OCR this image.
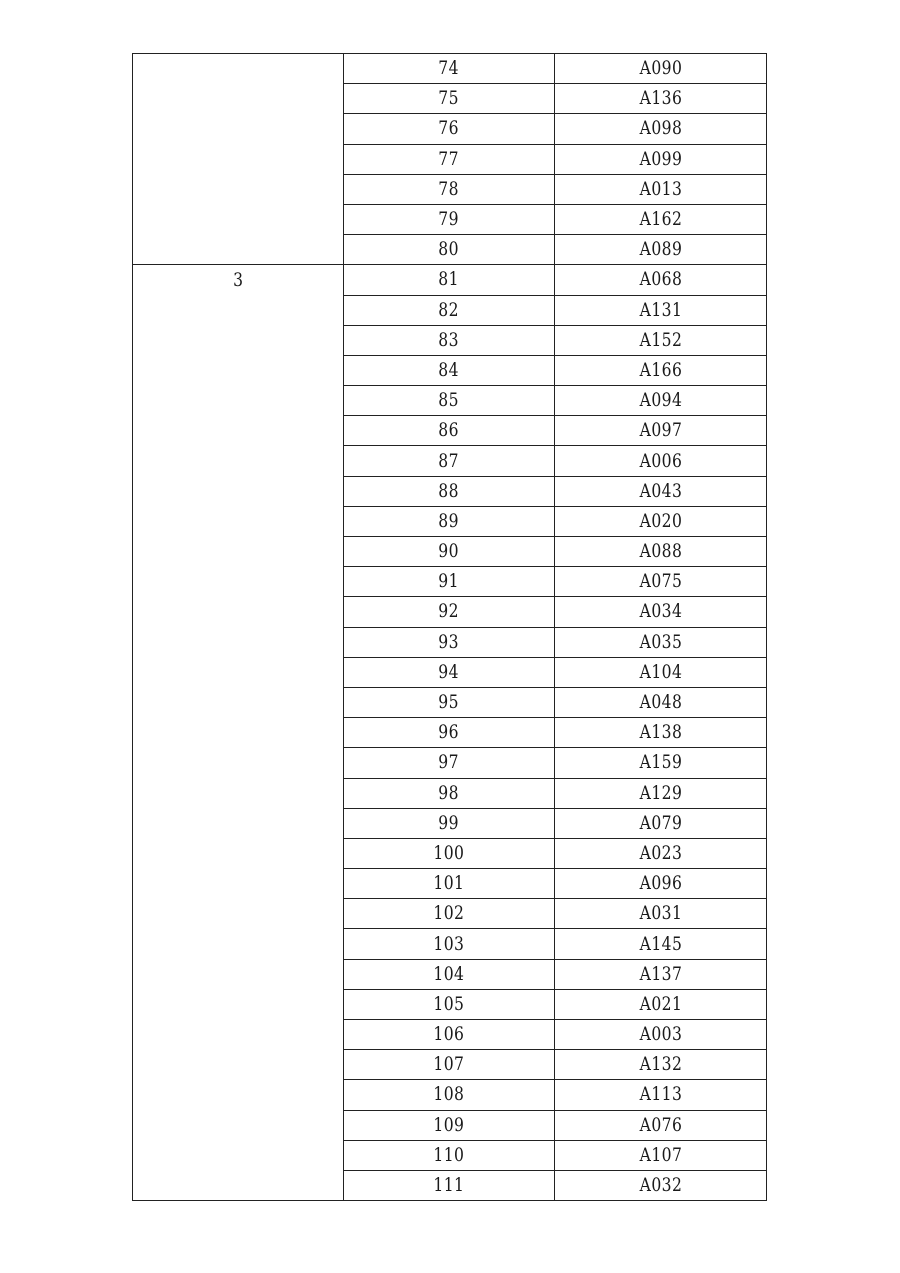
	74	A090
	75	A136
	76	A098
	77	A099
	78	A013
	79	A162
	80	A089
3	81	A068
	82	A131
	83	A152
	84	A166
	85	A094
	86	A097
	87	A006
	88	A043
	89	A020
	90	A088
	91	A075
	92	A034
	93	A035
	94	A104
	95	A048
	96	A138
	97	A159
	98	A129
	99	A079
	100	A023
	101	A096
	102	A031
	103	A145
	104	A137
	105	A021
	106	A003
	107	A132
	108	A113
	109	A076
	110	A107
	111	A032
